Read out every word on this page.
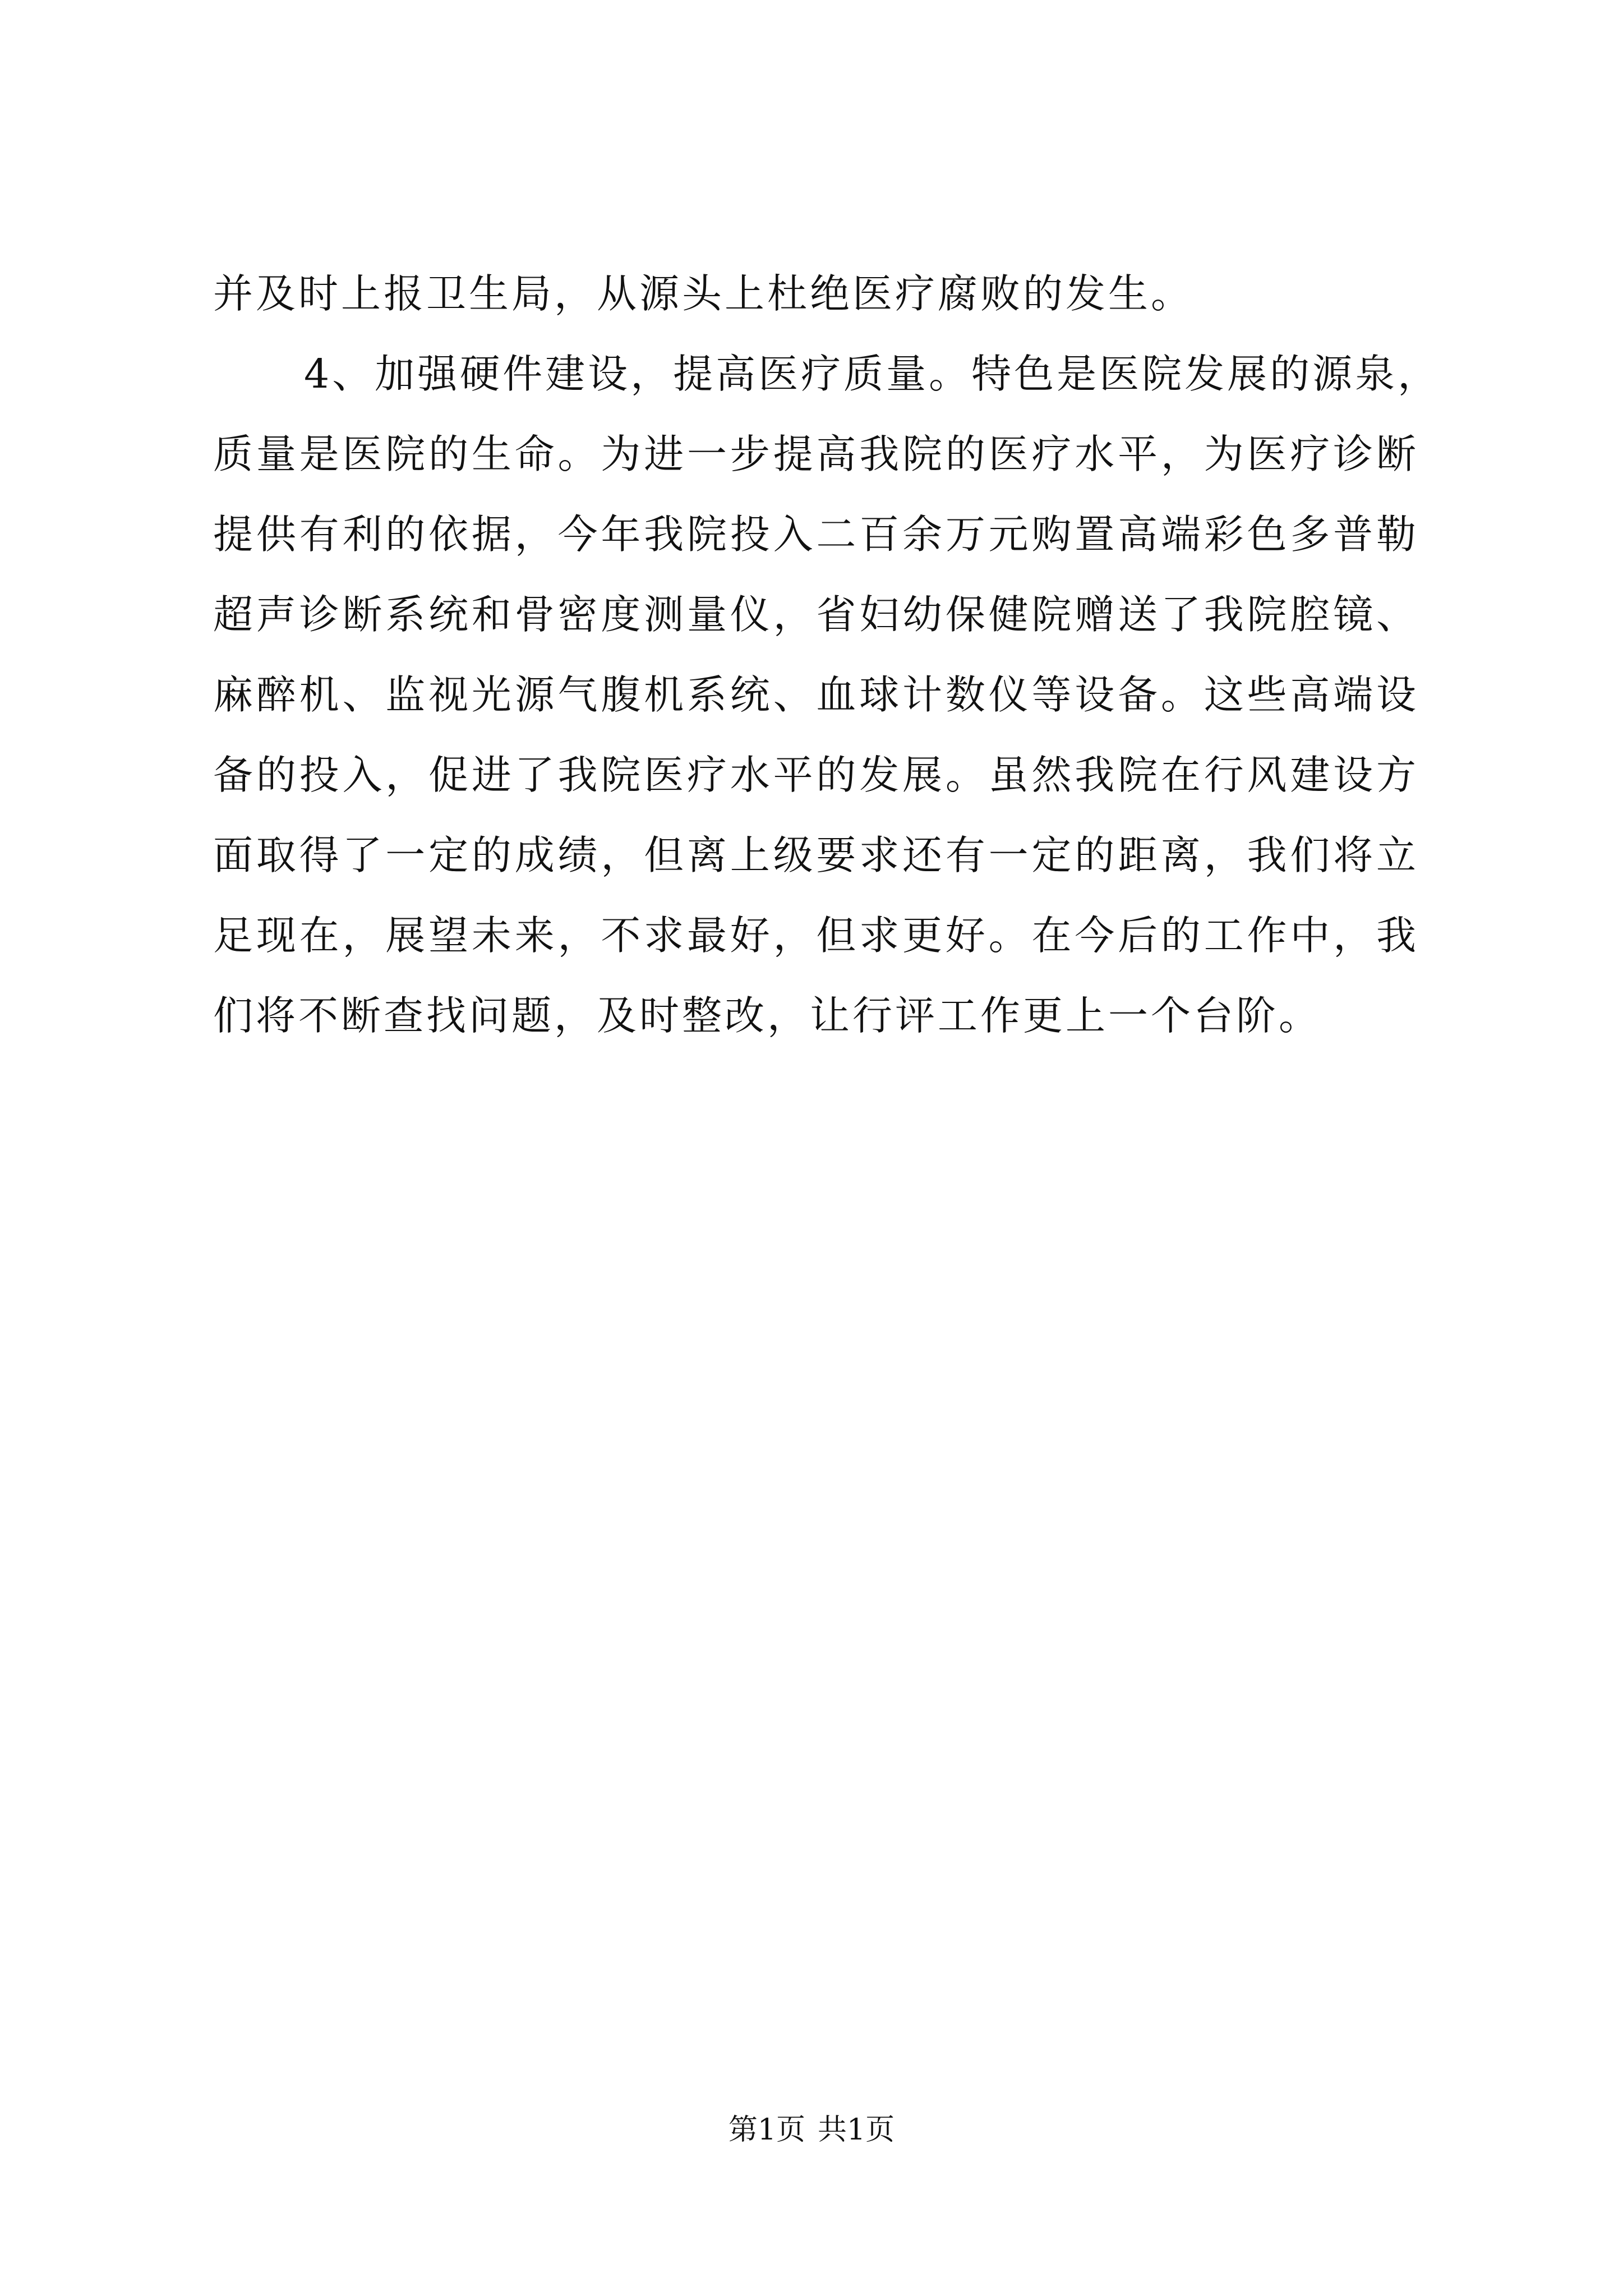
并及时上报卫生局，从源头上杜绝医疗腐败的发生。
4、加强硬件建设，提高医疗质量。特色是医院发展的源泉，
质量是医院的生命。为进一步提高我院的医疗水平，为医疗诊断
提供有利的依据，今年我院投入二百余万元购置高端彩色多普勒
超声诊断系统和骨密度测量仪，省妇幼保健院赠送了我院腔镜、
麻醉机、监视光源气腹机系统、血球计数仪等设备。这些高端设
备的投入，促进了我院医疗水平的发展。虽然我院在行风建设方
面取得了一定的成绩，但离上级要求还有一定的距离，我们将立
足现在，展望未来，不求最好，但求更好。在今后的工作中，我
们将不断查找问题，及时整改，让行评工作更上一个台阶。
第1页 共1页
